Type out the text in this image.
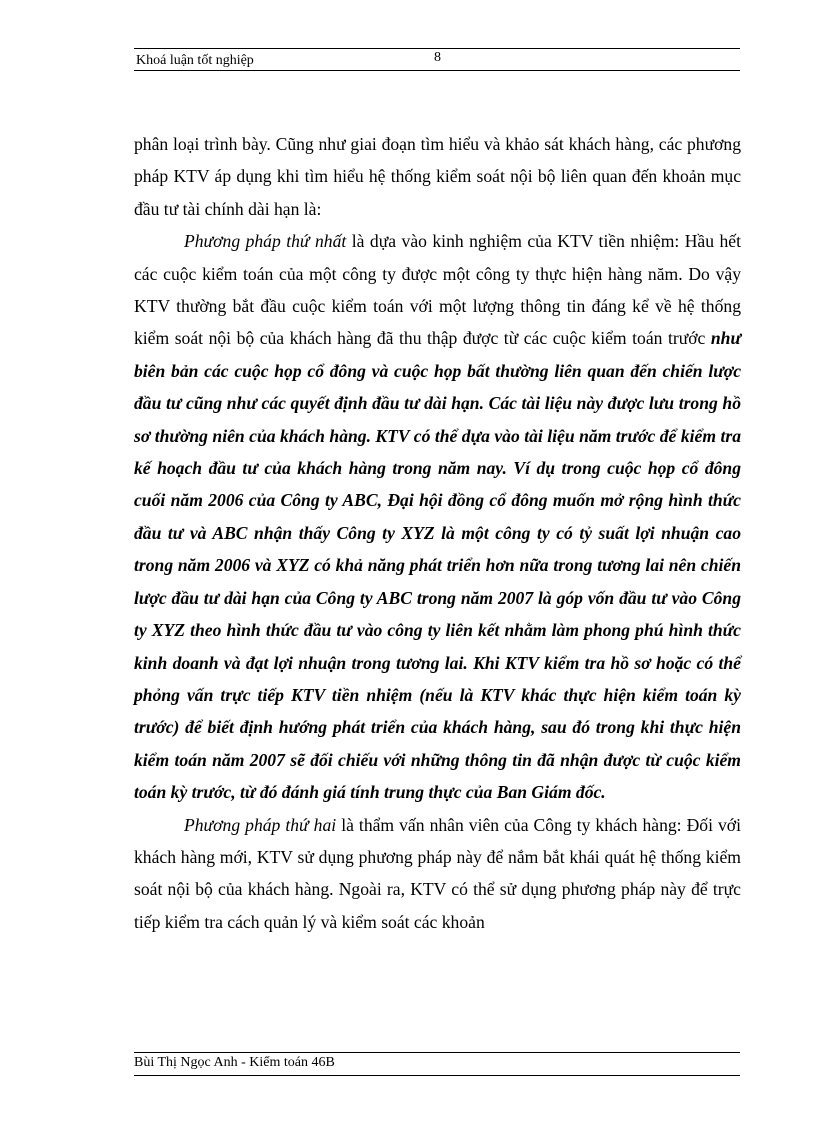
Khoá luận tốt nghiệp	8

phân loại trình bày. Cũng như giai đoạn tìm hiểu và khảo sát khách hàng, các phương pháp KTV áp dụng khi tìm hiểu hệ thống kiểm soát nội bộ liên quan đến khoản mục đầu tư tài chính dài hạn là:

Phương pháp thứ nhất là dựa vào kinh nghiệm của KTV tiền nhiệm: Hầu hết các cuộc kiểm toán của một công ty được một công ty thực hiện hàng năm. Do vậy KTV thường bắt đầu cuộc kiểm toán với một lượng thông tin đáng kể về hệ thống kiểm soát nội bộ của khách hàng đã thu thập được từ các cuộc kiểm toán trước như biên bản các cuộc họp cổ đông và cuộc họp bất thường liên quan đến chiến lược đầu tư cũng như các quyết định đầu tư dài hạn. Các tài liệu này được lưu trong hồ sơ thường niên của khách hàng. KTV có thể dựa vào tài liệu năm trước để kiểm tra kế hoạch đầu tư của khách hàng trong năm nay. Ví dụ trong cuộc họp cổ đông cuối năm 2006 của Công ty ABC, Đại hội đồng cổ đông muốn mở rộng hình thức đầu tư và ABC nhận thấy Công ty XYZ là một công ty có tỷ suất lợi nhuận cao trong năm 2006 và XYZ có khả năng phát triển hơn nữa trong tương lai nên chiến lược đầu tư dài hạn của Công ty ABC trong năm 2007 là góp vốn đầu tư vào Công ty XYZ theo hình thức đầu tư vào công ty liên kết nhằm làm phong phú hình thức kinh doanh và đạt lợi nhuận trong tương lai. Khi KTV kiểm tra hồ sơ hoặc có thể phỏng vấn trực tiếp KTV tiền nhiệm (nếu là KTV khác thực hiện kiểm toán kỳ trước) để biết định hướng phát triển của khách hàng, sau đó trong khi thực hiện kiểm toán năm 2007 sẽ đối chiếu với những thông tin đã nhận được từ cuộc kiểm toán kỳ trước, từ đó đánh giá tính trung thực của Ban Giám đốc.

Phương pháp thứ hai là thẩm vấn nhân viên của Công ty khách hàng: Đối với khách hàng mới, KTV sử dụng phương pháp này để nắm bắt khái quát hệ thống kiểm soát nội bộ của khách hàng. Ngoài ra, KTV có thể sử dụng phương pháp này để trực tiếp kiểm tra cách quản lý và kiểm soát các khoản

Bùi Thị Ngọc Anh - Kiểm toán 46B
